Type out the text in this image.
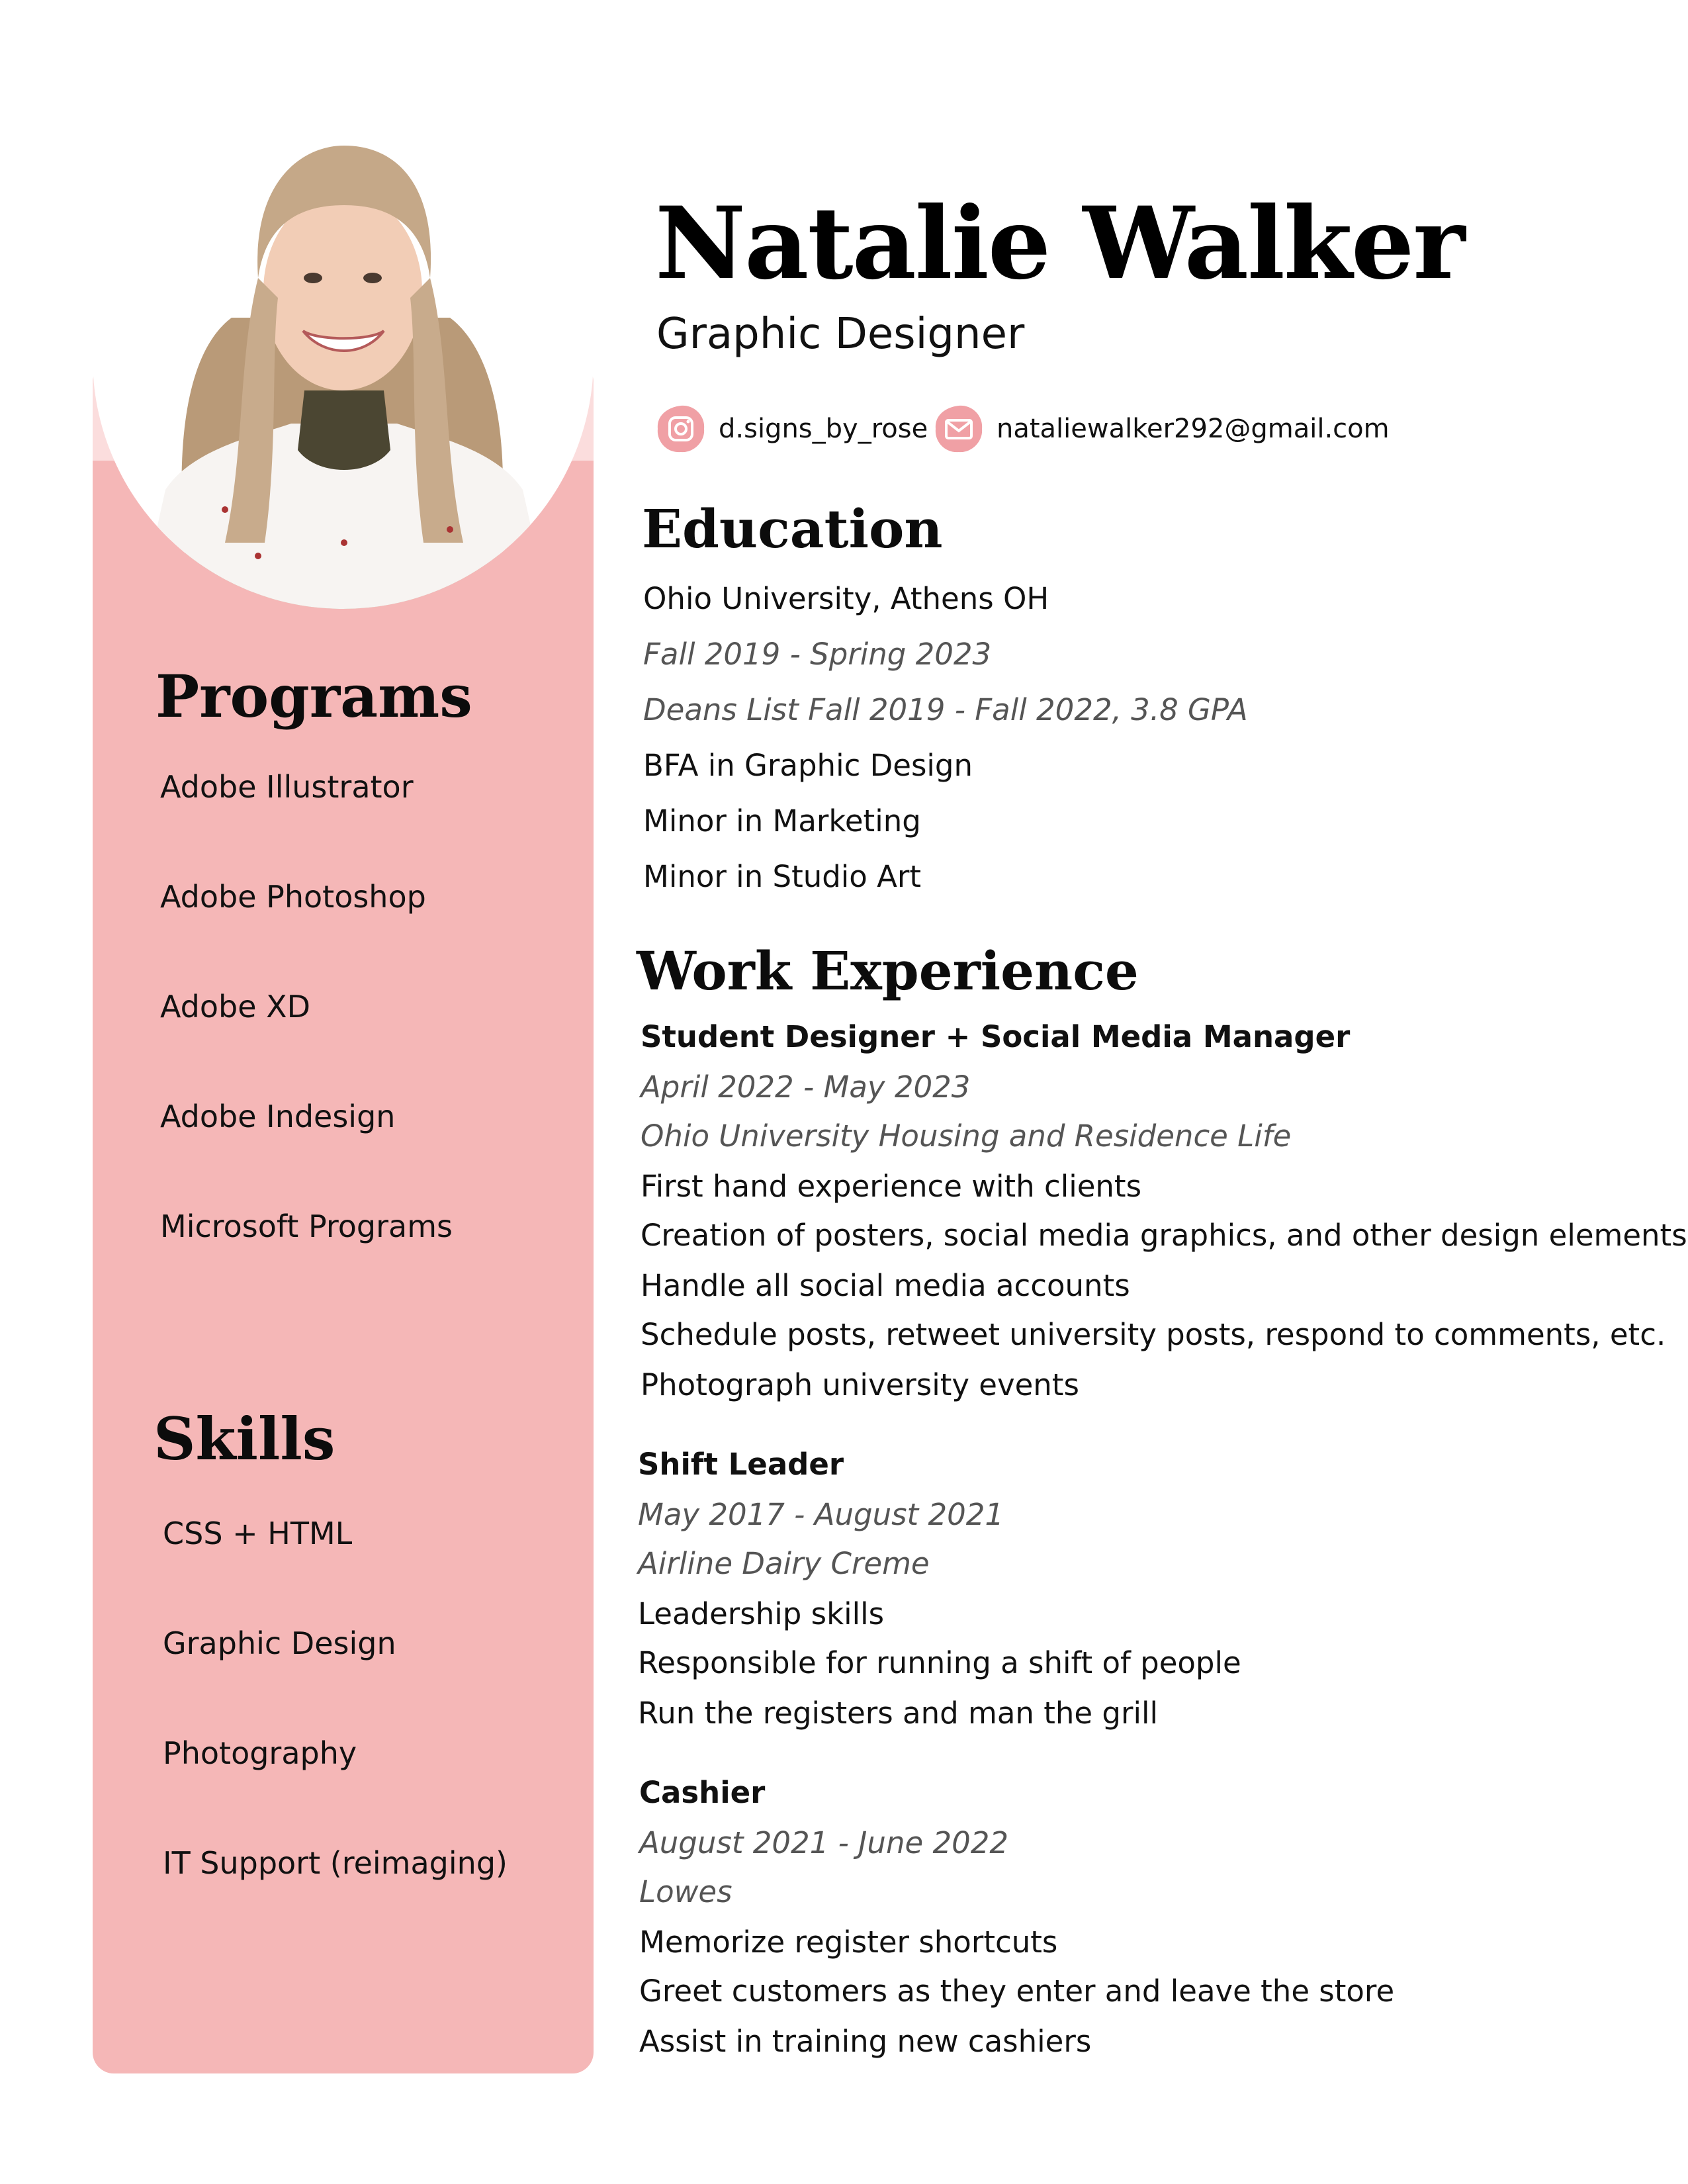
Programs

Adobe Illustrator

Adobe Photoshop

Adobe XD

Adobe Indesign

Microsoft Programs

Skills

CSS + HTML

Graphic Design

Photography

IT Support (reimaging)

Natalie Walker

Graphic Designer

d.signs_by_rose	nataliewalker292@gmail.com
Education

Ohio University, Athens OH

Fall 2019 - Spring 2023

Deans List Fall 2019 - Fall 2022, 3.8 GPA

BFA in Graphic Design

Minor in Marketing

Minor in Studio Art

Work Experience

Student Designer + Social Media Manager

April 2022 - May 2023

Ohio University Housing and Residence Life

First hand experience with clients

Creation of posters, social media graphics, and other design elements

Handle all social media accounts

Schedule posts, retweet university posts, respond to comments, etc.

Photograph university events

Shift Leader

May 2017 - August 2021

Airline Dairy Creme

Leadership skills

Responsible for running a shift of people

Run the registers and man the grill

Cashier

August 2021 - June 2022

Lowes

Memorize register shortcuts

Greet customers as they enter and leave the store

Assist in training new cashiers
